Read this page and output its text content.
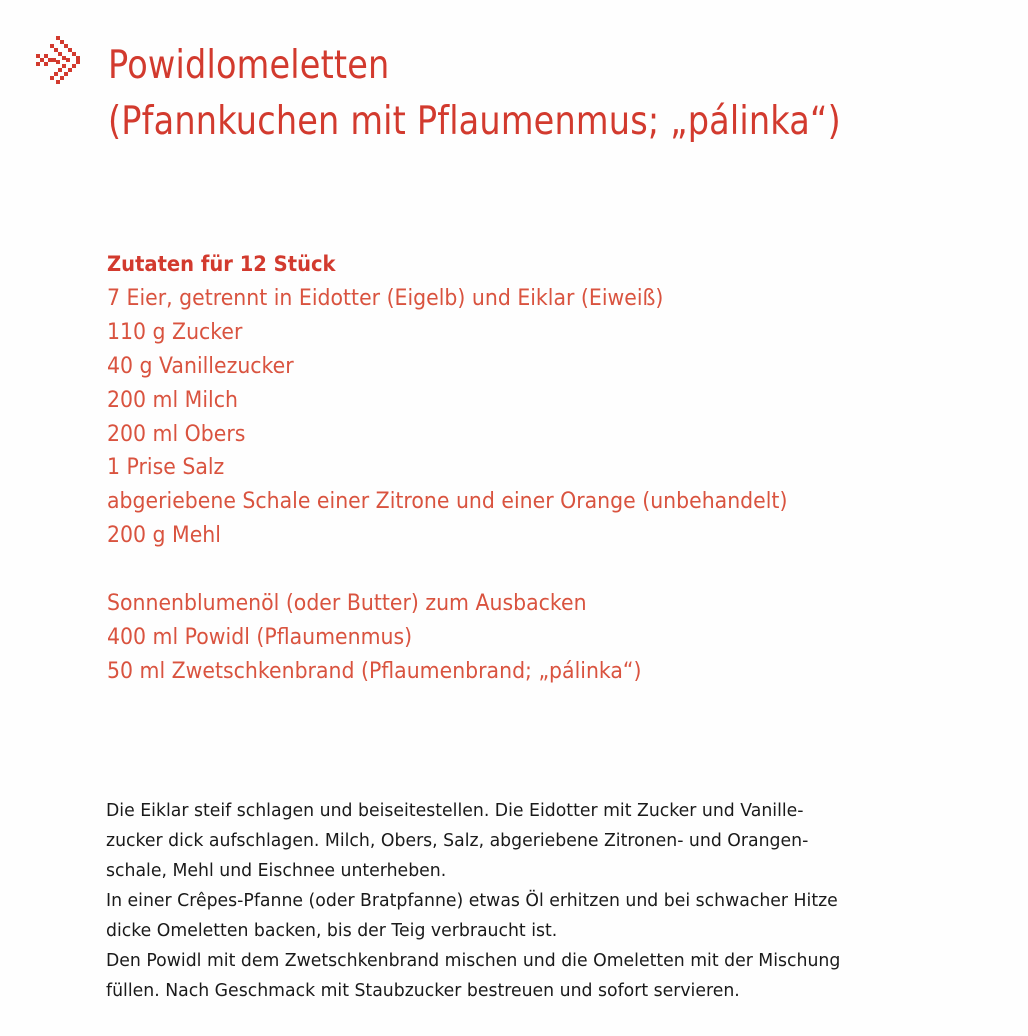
Powidlomeletten
(Pfannkuchen mit Pflaumenmus; „pálinka“)
Zutaten für 12 Stück
7 Eier, getrennt in Eidotter (Eigelb) und Eiklar (Eiweiß)
110 g Zucker
40 g Vanillezucker
200 ml Milch
200 ml Obers
1 Prise Salz
abgeriebene Schale einer Zitrone und einer Orange (unbehandelt)
200 g Mehl
Sonnenblumenöl (oder Butter) zum Ausbacken
400 ml Powidl (Pflaumenmus)
50 ml Zwetschkenbrand (Pflaumenbrand; „pálinka“)

Die Eiklar steif schlagen und beiseitestellen. Die Eidotter mit Zucker und Vanille-

zucker dick aufschlagen. Milch, Obers, Salz, abgeriebene Zitronen- und Orangen-

schale, Mehl und Eischnee unterheben.

In einer Crêpes-Pfanne (oder Bratpfanne) etwas Öl erhitzen und bei schwacher Hitze

dicke Omeletten backen, bis der Teig verbraucht ist.

Den Powidl mit dem Zwetschkenbrand mischen und die Omeletten mit der Mischung

füllen. Nach Geschmack mit Staubzucker bestreuen und sofort servieren.
